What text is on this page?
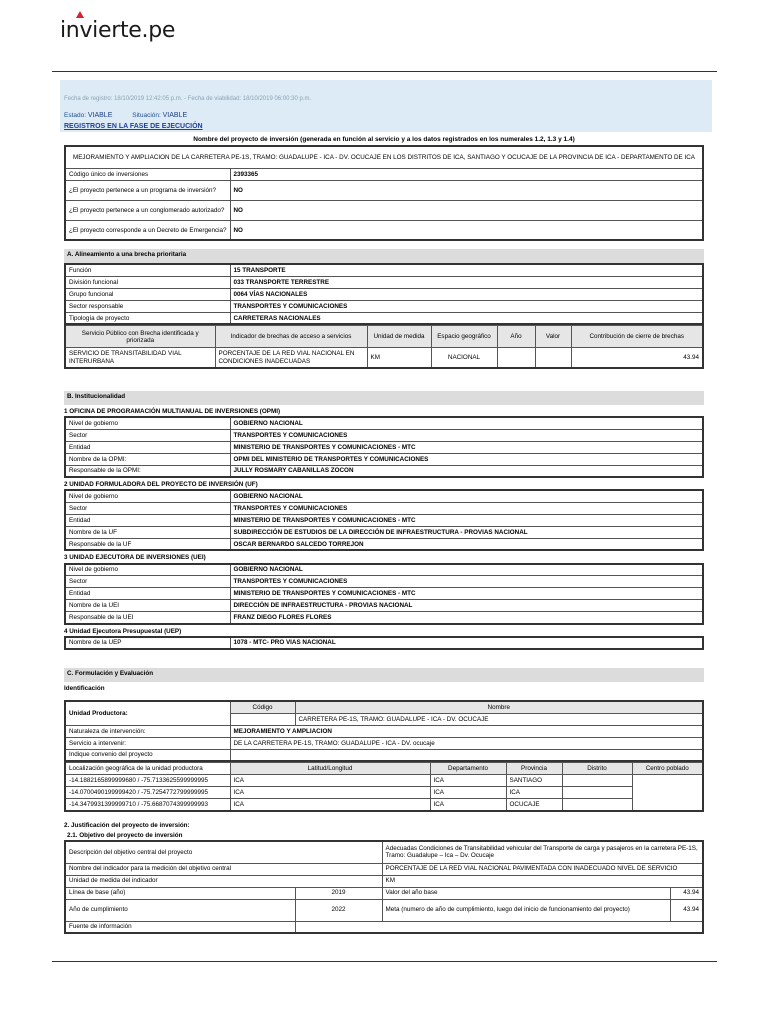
invierte.pe
Fecha de registro: 18/10/2019 12:42:05 p.m. - Fecha de viabilidad: 18/10/2019 06:00:30 p.m.
Estado: VIABLE	Situación: VIABLE
REGISTROS EN LA FASE DE EJECUCIÓN
Nombre del proyecto de inversión (generada en función al servicio y a los datos registrados en los numerales 1.2, 1.3 y 1.4)
MEJORAMIENTO Y AMPLIACION DE LA CARRETERA PE-1S, TRAMO: GUADALUPE - ICA - DV. OCUCAJE EN LOS DISTRITOS DE ICA, SANTIAGO Y OCUCAJE DE LA PROVINCIA DE ICA - DEPARTAMENTO DE ICA	
Código único de inversiones	2393365
¿El proyecto pertenece a un programa de inversión?	NO
¿El proyecto pertenece a un conglomerado autorizado?	NO
¿El proyecto corresponde a un Decreto de Emergencia?	NO
A. Alineamiento a una brecha prioritaria
Función	15 TRANSPORTE
División funcional	033 TRANSPORTE TERRESTRE
Grupo funcional	0064 VÍAS NACIONALES
Sector responsable	TRANSPORTES Y COMUNICACIONES
Tipología de proyecto	CARRETERAS NACIONALES
Servicio Público con Brecha identificada y priorizada	Indicador de brechas de acceso a servicios	Unidad de medida	Espacio geográfico	Año	Valor	Contribución de cierre de brechas
SERVICIO DE TRANSITABILIDAD VIAL INTERURBANA	PORCENTAJE DE LA RED VIAL NACIONAL EN CONDICIONES INADECUADAS	KM	NACIONAL			43.94
B. Institucionalidad
1 OFICINA DE PROGRAMACIÓN MULTIANUAL DE INVERSIONES (OPMI)
Nivel de gobierno	GOBIERNO NACIONAL
Sector	TRANSPORTES Y COMUNICACIONES
Entidad	MINISTERIO DE TRANSPORTES Y COMUNICACIONES - MTC
Nombre de la OPMI:	OPMI DEL MINISTERIO DE TRANSPORTES Y COMUNICACIONES
Responsable de la OPMI:	JULLY ROSMARY CABANILLAS ZOCON
2 UNIDAD FORMULADORA DEL PROYECTO DE INVERSIÓN (UF)
Nivel de gobierno	GOBIERNO NACIONAL
Sector	TRANSPORTES Y COMUNICACIONES
Entidad	MINISTERIO DE TRANSPORTES Y COMUNICACIONES - MTC
Nombre de la UF	SUBDIRECCIÓN DE ESTUDIOS DE LA DIRECCIÓN DE INFRAESTRUCTURA - PROVIAS NACIONAL
Responsable de la UF	OSCAR BERNARDO SALCEDO TORREJON
3 UNIDAD EJECUTORA DE INVERSIONES (UEI)
Nivel de gobierno	GOBIERNO NACIONAL
Sector	TRANSPORTES Y COMUNICACIONES
Entidad	MINISTERIO DE TRANSPORTES Y COMUNICACIONES - MTC
Nombre de la UEI	DIRECCIÓN DE INFRAESTRUCTURA - PROVIAS NACIONAL
Responsable de la UEI	FRANZ DIEGO FLORES FLORES
4 Unidad Ejecutora Presupuestal (UEP)
Nombre de la UEP	1078 - MTC- PRO VIAS NACIONAL
C. Formulación y Evaluación
Identificación
Unidad Productora:	Código	Nombre
		CARRETERA PE-1S, TRAMO: GUADALUPE - ICA - DV. OCUCAJE
Naturaleza de intervención:	MEJORAMIENTO Y AMPLIACION	
Servicio a intervenir:	DE LA CARRETERA PE-1S, TRAMO: GUADALUPE - ICA - DV. ocucaje	
Indique convenio del proyecto		
Localización geográfica de la unidad productora	Latitud/Longitud	Departamento	Provincia	Distrito	Centro poblado
-14.1882165899999680 / -75.7133625599999995	ICA	ICA	SANTIAGO		
-14.0700490199999420 / -75.7254772799999995	ICA	ICA	ICA		
-14.3479931399999710 / -75.6687074399999993	ICA	ICA	OCUCAJE		
2. Justificación del proyecto de inversión:
2.1. Objetivo del proyecto de inversión
Descripción del objetivo central del proyecto		Adecuadas Condiciones de Transitabilidad vehicular del Transporte de carga y pasajeros en la carretera PE-1S, Tramo: Guadalupe – Ica – Dv. Ocucaje	
Nombre del indicador para la medición del objetivo central		PORCENTAJE DE LA RED VIAL NACIONAL PAVIMENTADA CON INADECUADO NIVEL DE SERVICIO	
Unidad de medida del indicador		KM	
Línea de base (año)	2019	Valor del año base	43.94
Año de cumplimiento	2022	Meta (numero de año de cumplimiento, luego del inicio de funcionamiento del proyecto)	43.94
Fuente de información			
